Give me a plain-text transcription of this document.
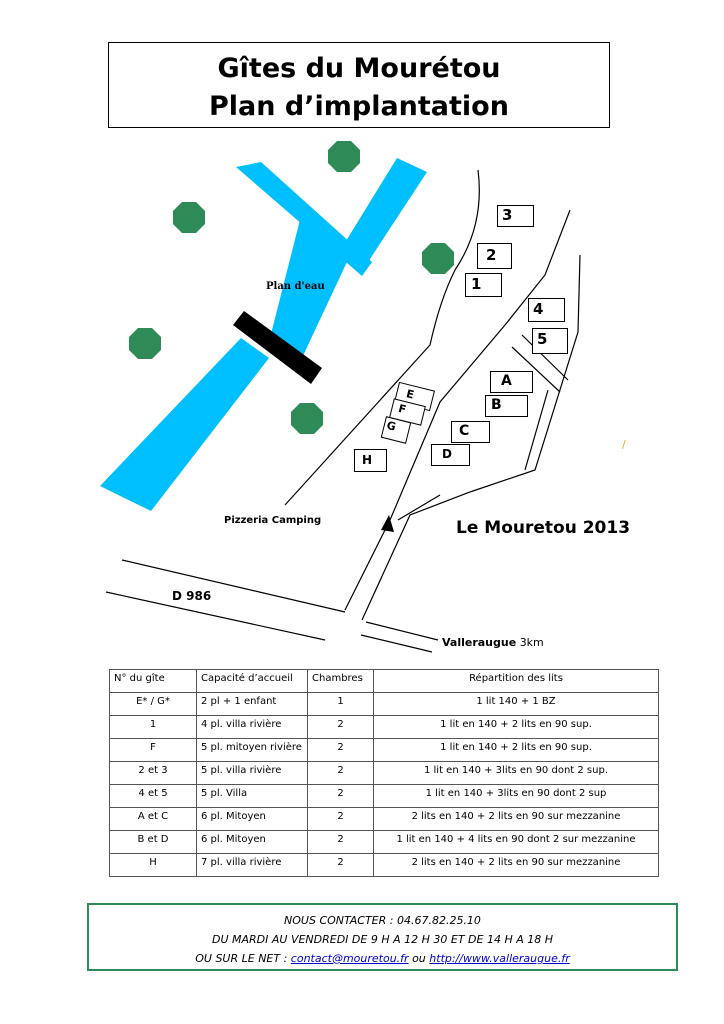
Gîtes du Mourétou
Plan d’implantation
Plan d'eau
Pizzeria Camping
D 986
Valleraugue 3km
Le Mouretou 2013
/
3
2
1
4
5
A
B
C
D
E
F
G
H
N° du gîte	Capacité d’accueil	Chambres	Répartition des lits
E* / G*	2 pl + 1 enfant	1	1 lit 140 + 1 BZ
1	4 pl. villa rivière	2	1 lit en 140 + 2 lits en 90 sup.
F	5 pl. mitoyen rivière	2	1 lit en 140 + 2 lits en 90 sup.
2 et 3	5 pl. villa rivière	2	1 lit en 140 + 3lits en 90 dont 2 sup.
4 et 5	5 pl. Villa	2	1 lit en 140 + 3lits en 90 dont 2 sup
A et C	6 pl. Mitoyen	2	2 lits en 140 + 2 lits en 90 sur mezzanine
B et D	6 pl. Mitoyen	2	1 lit en 140 + 4 lits en 90 dont 2 sur mezzanine
H	7 pl. villa rivière	2	2 lits en 140 + 2 lits en 90 sur mezzanine
NOUS CONTACTER : 04.67.82.25.10
DU MARDI AU VENDREDI DE 9 H A 12 H 30 ET DE 14 H A 18 H
OU SUR LE NET : contact@mouretou.fr ou http://www.valleraugue.fr
